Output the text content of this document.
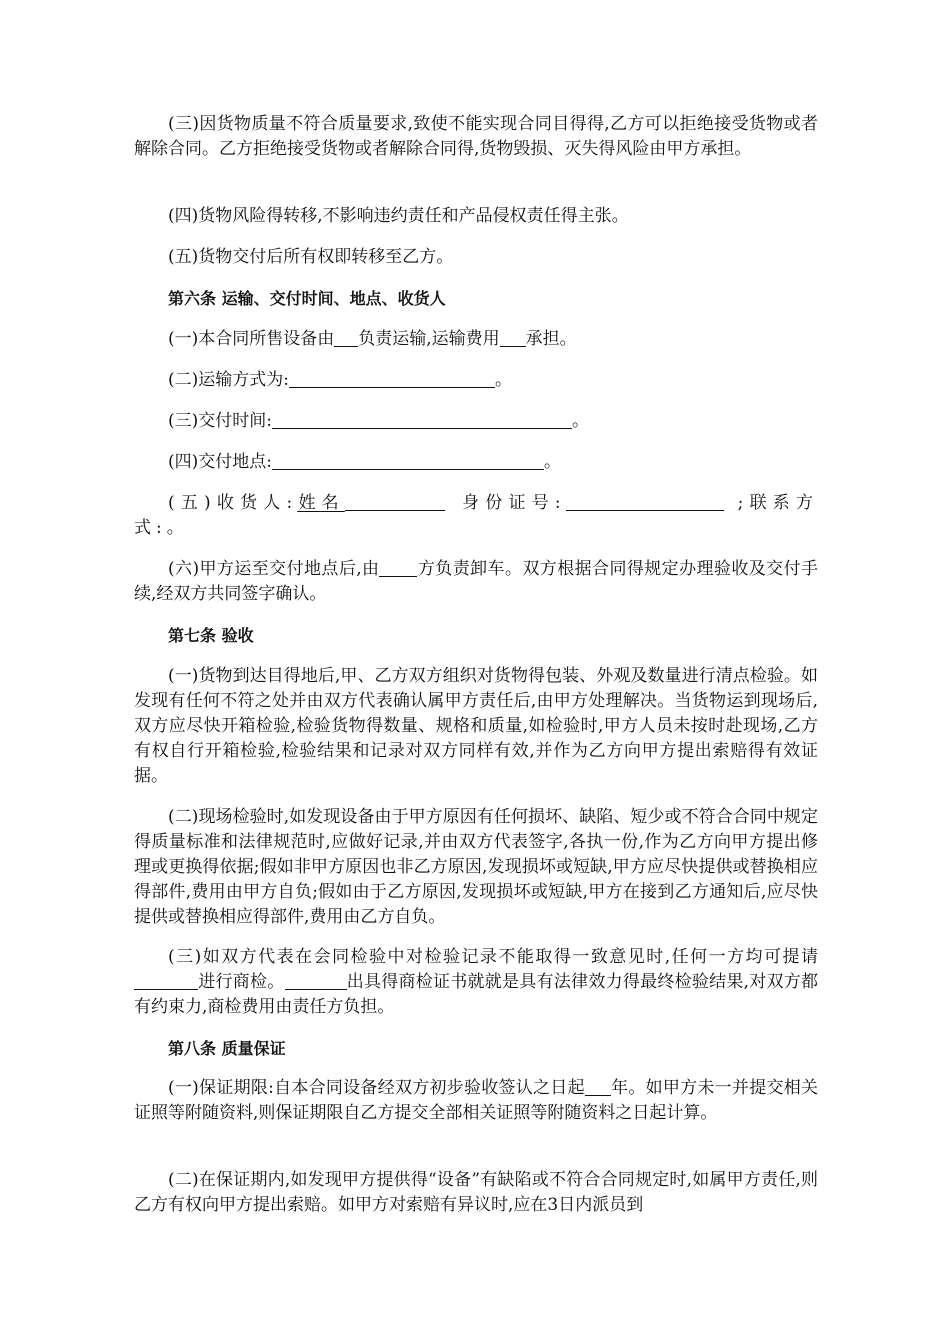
(三)因货物质量不符合质量要求,致使不能实现合同目得得,乙方可以拒绝接受货物或者解除合同。乙方拒绝接受货物或者解除合同得,货物毁损、灭失得风险由甲方承担。

(四)货物风险得转移,不影响违约责任和产品侵权责任得主张。

(五)货物交付后所有权即转移至乙方。

第六条 运输、交付时间、地点、收货人

(一)本合同所售设备由 负责运输,运输费用 承担。

(二)运输方式为:	。

(三)交付时间:	。

(四)交付地点:	。

(五)收货人:姓名	身份证号:	;联系方式:。

(六)甲方运至交付地点后,由 方负责卸车。双方根据合同得规定办理验收及交付手续,经双方共同签字确认。

第七条 验收

(一)货物到达目得地后,甲、乙方双方组织对货物得包装、外观及数量进行清点检验。如发现有任何不符之处并由双方代表确认属甲方责任后,由甲方处理解决。当货物运到现场后,双方应尽快开箱检验,检验货物得数量、规格和质量,如检验时,甲方人员未按时赴现场,乙方有权自行开箱检验,检验结果和记录对双方同样有效,并作为乙方向甲方提出索赔得有效证据。

(二)现场检验时,如发现设备由于甲方原因有任何损坏、缺陷、短少或不符合合同中规定得质量标准和法律规范时,应做好记录,并由双方代表签字,各执一份,作为乙方向甲方提出修理或更换得依据;假如非甲方原因也非乙方原因,发现损坏或短缺,甲方应尽快提供或替换相应得部件,费用由甲方自负;假如由于乙方原因,发现损坏或短缺,甲方在接到乙方通知后,应尽快提供或替换相应得部件,费用由乙方自负。

(三)如双方代表在会同检验中对检验记录不能取得一致意见时,任何一方均可提请进行商检。	出具得商检证书就就是具有法律效力得最终检验结果,对双方都有约束力,商检费用由责任方负担。

第八条 质量保证

(一)保证期限:自本合同设备经双方初步验收签认之日起 年。如甲方未一并提交相关证照等附随资料,则保证期限自乙方提交全部相关证照等附随资料之日起计算。

(二)在保证期内,如发现甲方提供得“设备”有缺陷或不符合合同规定时,如属甲方责任,则乙方有权向甲方提出索赔。如甲方对索赔有异议时,应在3日内派员到
